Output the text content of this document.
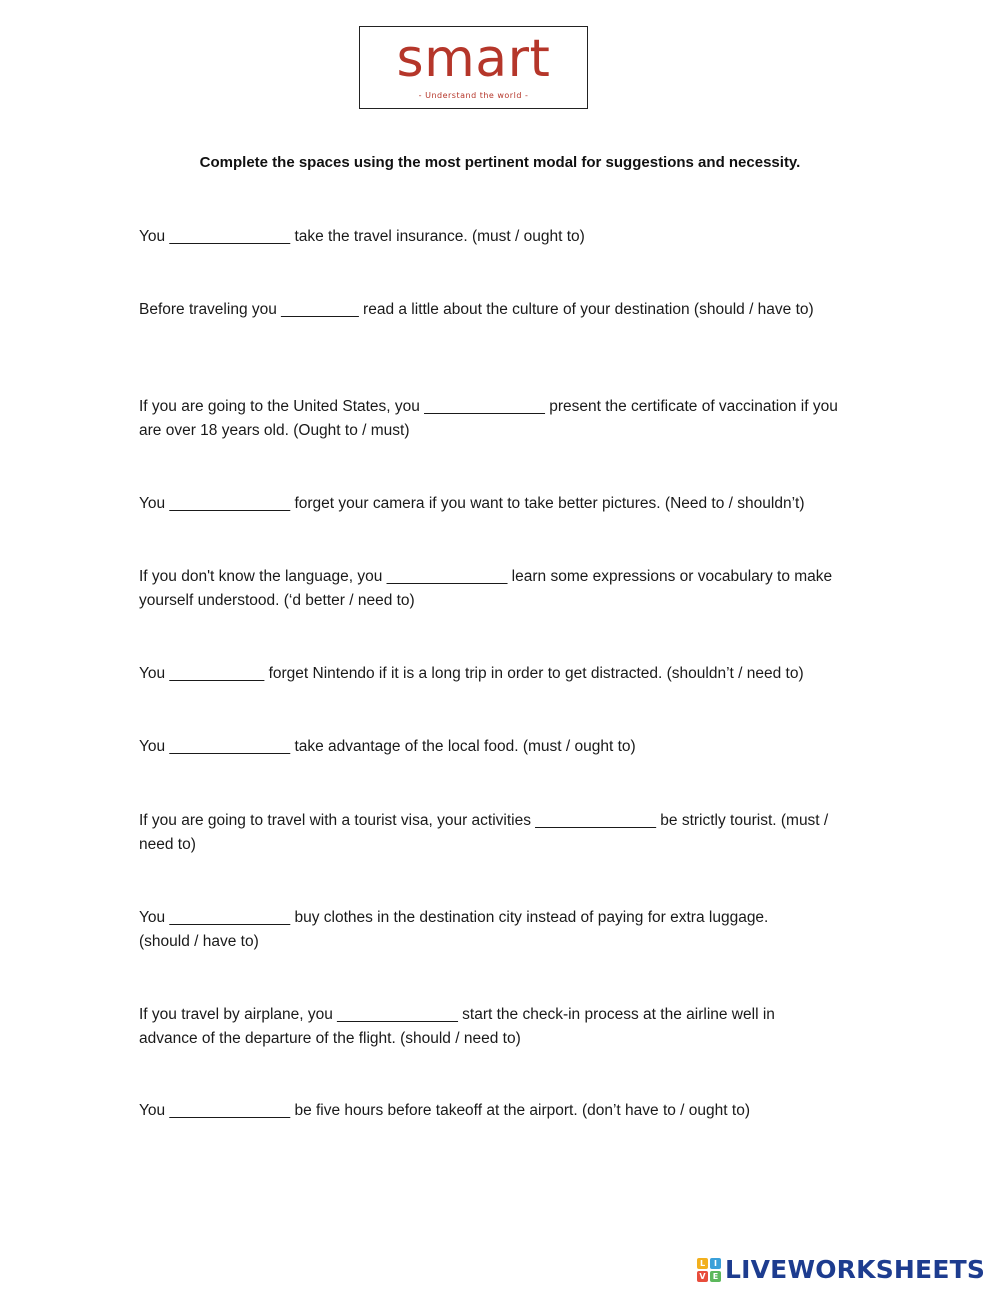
smart
- Understand the world -
Complete the spaces using the most pertinent modal for suggestions and necessity.
You ______________ take the travel insurance. (must / ought to)
Before traveling you _________ read a little about the culture of your destination (should / have to)
If you are going to the United States, you ______________ present the certificate of vaccination if you are over 18 years old. (Ought to / must)
You ______________ forget your camera if you want to take better pictures. (Need to / shouldn’t)
If you don't know the language, you ______________ learn some expressions or vocabulary to make yourself understood. (‘d better / need to)
You ___________ forget Nintendo if it is a long trip in order to get distracted. (shouldn’t / need to)
You ______________ take advantage of the local food. (must / ought to)
If you are going to travel with a tourist visa, your activities ______________ be strictly tourist. (must / need to)
You ______________ buy clothes in the destination city instead of paying for extra luggage. (should / have to)
If you travel by airplane, you ______________ start the check-in process at the airline well in advance of the departure of the flight. (should / need to)
You ______________ be five hours before takeoff at the airport. (don’t have to / ought to)
L	I
V E LIVEWORKSHEETS
